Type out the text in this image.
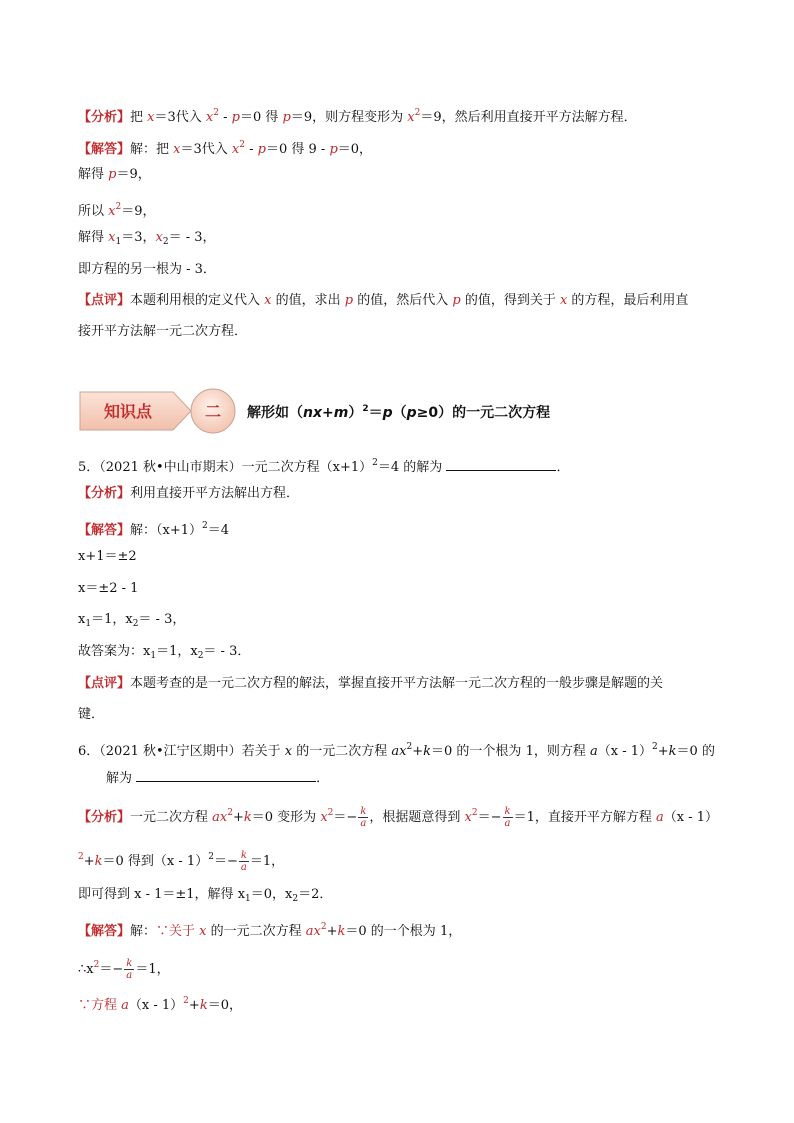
【分析】把 x＝3代入 $x^2 - p=0$ 得 p＝9，则方程变形为 $x^2=9$，然后利用直接开平方法解方程．
【解答】解：把 x＝3代入 $x^2 - p=0$ 得 9 - p＝0，
解得 p＝9，
所以 $x^2=9$，
解得 $x_1=3$，$x_2= - 3$，
即方程的另一根为 - 3．
【点评】本题利用根的定义代入 x 的值，求出 p 的值，然后代入 p 的值，得到关于 x 的方程，最后利用直
接开平方法解一元二次方程．
知识点	二 解形如$(nx+m)^2=p(p\ge 0)$的一元二次方程
5．（2021 秋•中山市期末）一元二次方程$(x+1)^2=4$ 的解为	．
【分析】利用直接开平方法解出方程．
【解答】解：$(x+1)^2=4$
x+1＝±2
x＝±2 - 1
$x_1=1$，$x_2= - 3$，
故答案为：$x_1=1$，$x_2= - 3$．
【点评】本题考查的是一元二次方程的解法，掌握直接开平方法解一元二次方程的一般步骤是解题的关
键．
6．（2021 秋•江宁区期中）若关于 x 的一元二次方程 $ax^2+k=0$ 的一个根为 1，则方程 a（x - 1）$^2$+k＝0 的
解为	．
【分析】一元二次方程 $ax^2+k=0$ 变形为 $x^2=- \frac{k}{a}$ ，根据题意得到 $x^2=- \frac{k}{a} =1$，直接开平方解方程 a（x - 1）
$^2$+k＝0 得到$(x - 1)^2=- \frac{k}{a} =1$，
即可得到 x - 1＝±1，解得 $x_1=0$，$x_2=2$．
【解答】解：∵关于 x 的一元二次方程 $ax^2+k=0$ 的一个根为 1，
$\therefore x^2=- \frac{k}{a} =1$，
∵方程 a（x - 1）$^2$+k＝0，
